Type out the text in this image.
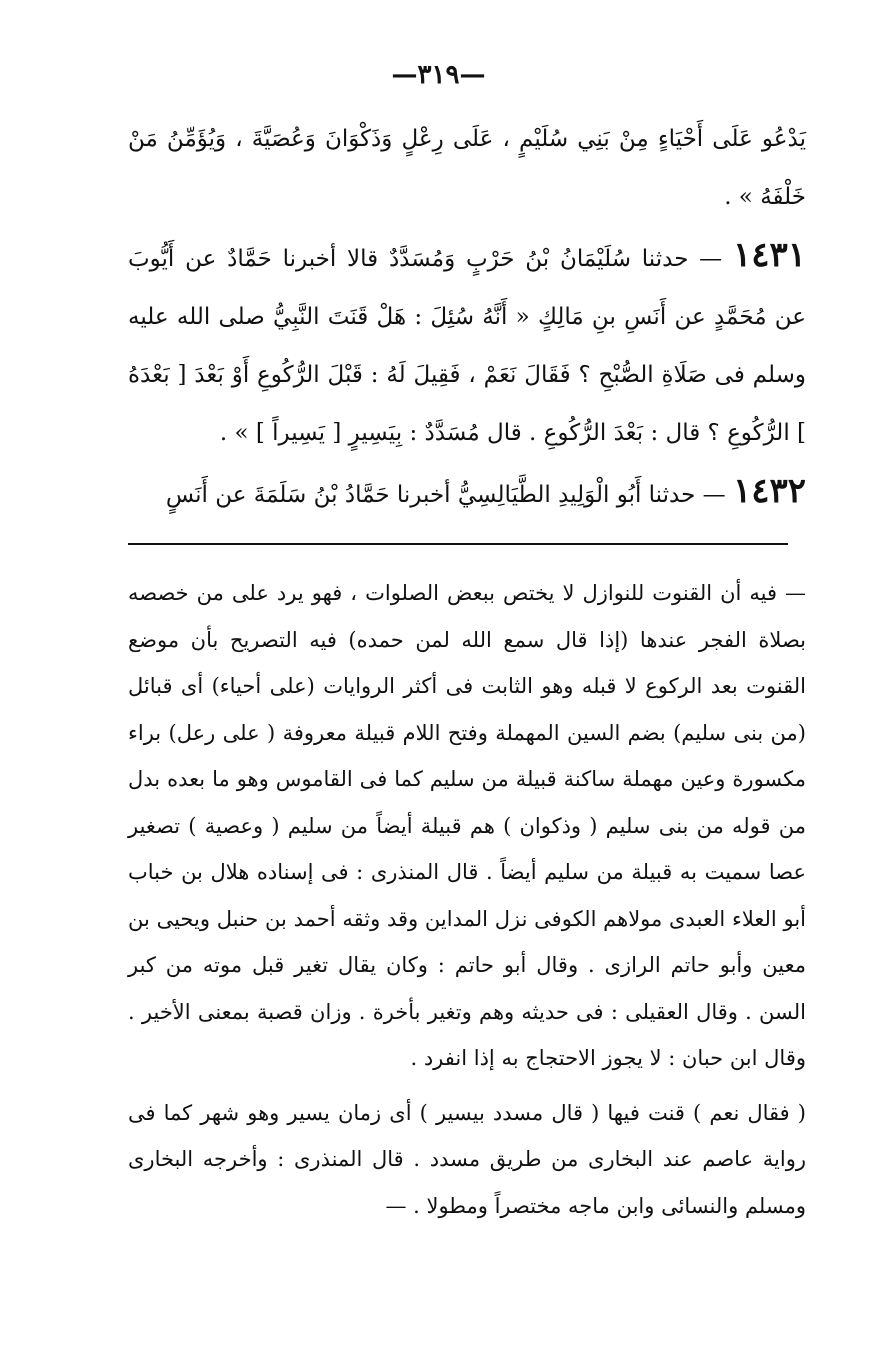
—٣١٩—

يَدْعُو عَلَى أَحْيَاءٍ مِنْ بَنِي سُلَيْمٍ ، عَلَى رِعْلٍ وَذَكْوَانَ وَعُصَيَّةَ ، وَيُؤَمِّنُ مَنْ خَلْفَهُ » .

١٤٣١ — حدثنا سُلَيْمَانُ بْنُ حَرْبٍ وَمُسَدَّدٌ قالا أخبرنا حَمَّادٌ عن أَيُّوبَ عن مُحَمَّدٍ عن أَنَسِ بنِ مَالِكٍ « أَنَّهُ سُئِلَ : هَلْ قَنَتَ النَّبِيُّ صلى الله عليه وسلم فى صَلَاةِ الصُّبْحِ ؟ فَقَالَ نَعَمْ ، فَقِيلَ لَهُ : قَبْلَ الرُّكُوعِ أَوْ بَعْدَ [ بَعْدَهُ ] الرُّكُوعِ ؟ قال : بَعْدَ الرُّكُوعِ . قال مُسَدَّدٌ : بِيَسِيرٍ [ يَسِيراً ] » .

١٤٣٢ — حدثنا أَبُو الْوَلِيدِ الطَّيَالِسِيُّ أخبرنا حَمَّادُ بْنُ سَلَمَةَ عن أَنَسٍ

— فيه أن القنوت للنوازل لا يختص ببعض الصلوات ، فهو يرد على من خصصه بصلاة الفجر عندها (إذا قال سمع الله لمن حمده) فيه التصريح بأن موضع القنوت بعد الركوع لا قبله وهو الثابت فى أكثر الروايات (على أحياء) أى قبائل (من بنى سليم) بضم السين المهملة وفتح اللام قبيلة معروفة ( على رعل) براء مكسورة وعين مهملة ساكنة قبيلة من سليم كما فى القاموس وهو ما بعده بدل من قوله من بنى سليم ( وذكوان ) هم قبيلة أيضاً من سليم ( وعصية ) تصغير عصا سميت به قبيلة من سليم أيضاً . قال المنذرى : فى إسناده هلال بن خباب أبو العلاء العبدى مولاهم الكوفى نزل المداين وقد وثقه أحمد بن حنبل ويحيى بن معين وأبو حاتم الرازى . وقال أبو حاتم : وكان يقال تغير قبل موته من كبر السن . وقال العقيلى : فى حديثه وهم وتغير بأخرة . وزان قصبة بمعنى الأخير . وقال ابن حبان : لا يجوز الاحتجاج به إذا انفرد .

( فقال نعم ) قنت فيها ( قال مسدد بيسير ) أى زمان يسير وهو شهر كما فى رواية عاصم عند البخارى من طريق مسدد . قال المنذرى : وأخرجه البخارى ومسلم والنسائى وابن ماجه مختصراً ومطولا . —
